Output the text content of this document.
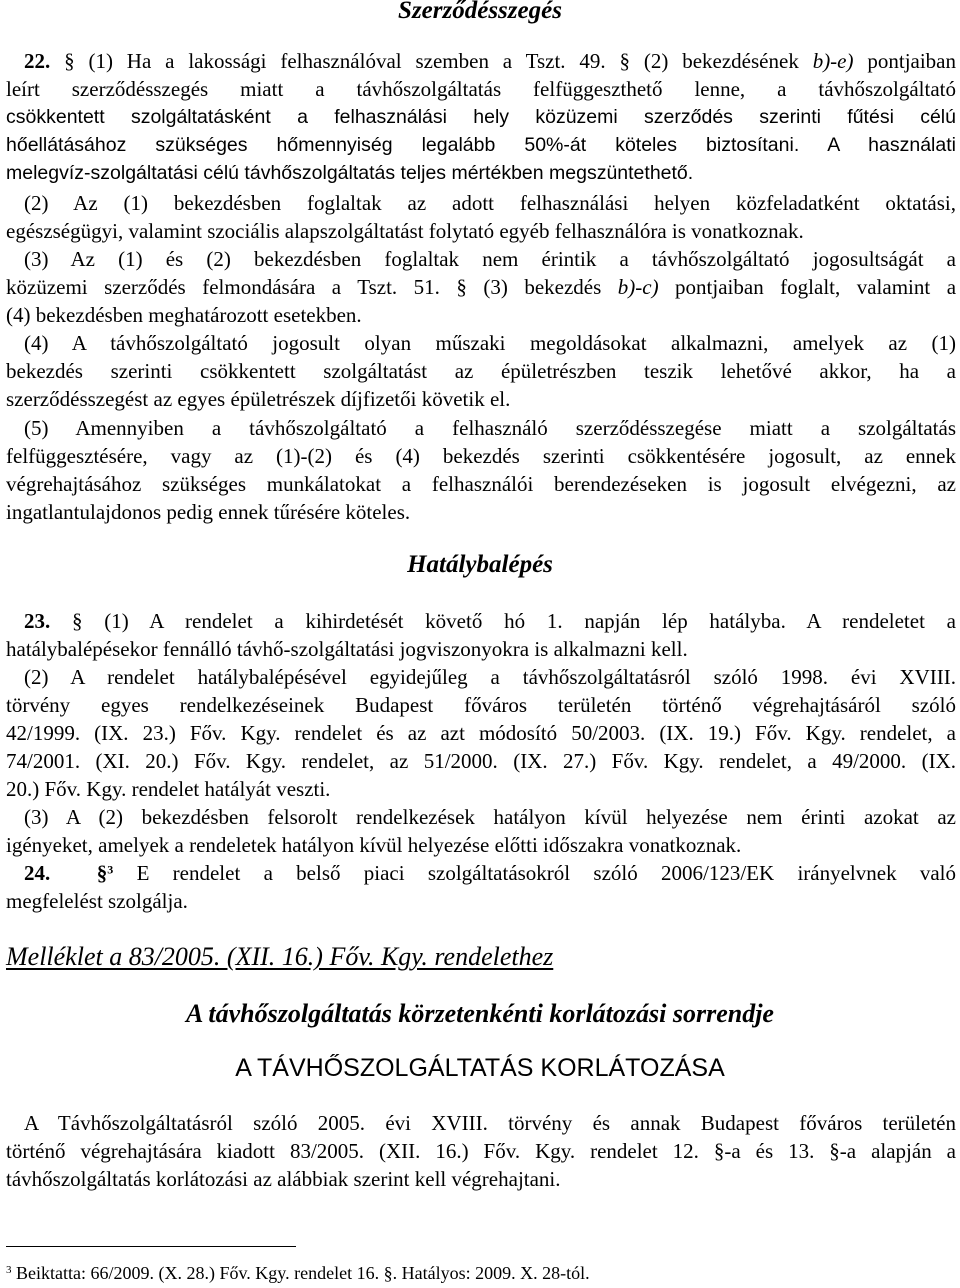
Szerződésszegés
22. § (1) Ha a lakossági felhasználóval szemben a Tszt. 49. § (2) bekezdésének b)-e) pontjaiban
leírt szerződésszegés miatt a távhőszolgáltatás felfüggeszthető lenne, a távhőszolgáltató
csökkentett szolgáltatásként a felhasználási hely közüzemi szerződés szerinti fűtési célú
hőellátásához szükséges hőmennyiség legalább 50%-át köteles biztosítani. A használati
melegvíz-szolgáltatási célú távhőszolgáltatás teljes mértékben megszüntethető.
(2) Az (1) bekezdésben foglaltak az adott felhasználási helyen közfeladatként oktatási,
egészségügyi, valamint szociális alapszolgáltatást folytató egyéb felhasználóra is vonatkoznak.
(3) Az (1) és (2) bekezdésben foglaltak nem érintik a távhőszolgáltató jogosultságát a
közüzemi szerződés felmondására a Tszt. 51. § (3) bekezdés b)-c) pontjaiban foglalt, valamint a
(4) bekezdésben meghatározott esetekben.
(4) A távhőszolgáltató jogosult olyan műszaki megoldásokat alkalmazni, amelyek az (1)
bekezdés szerinti csökkentett szolgáltatást az épületrészben teszik lehetővé akkor, ha a
szerződésszegést az egyes épületrészek díjfizetői követik el.
(5) Amennyiben a távhőszolgáltató a felhasználó szerződésszegése miatt a szolgáltatás
felfüggesztésére, vagy az (1)-(2) és (4) bekezdés szerinti csökkentésére jogosult, az ennek
végrehajtásához szükséges munkálatokat a felhasználói berendezéseken is jogosult elvégezni, az
ingatlantulajdonos pedig ennek tűrésére köteles.
Hatálybalépés
23. § (1) A rendelet a kihirdetését követő hó 1. napján lép hatályba. A rendeletet a
hatálybalépésekor fennálló távhő-szolgáltatási jogviszonyokra is alkalmazni kell.
(2) A rendelet hatálybalépésével egyidejűleg a távhőszolgáltatásról szóló 1998. évi XVIII.
törvény egyes rendelkezéseinek Budapest főváros területén történő végrehajtásáról szóló
42/1999. (IX. 23.) Főv. Kgy. rendelet és az azt módosító 50/2003. (IX. 19.) Főv. Kgy. rendelet, a
74/2001. (XI. 20.) Főv. Kgy. rendelet, az 51/2000. (IX. 27.) Főv. Kgy. rendelet, a 49/2000. (IX.
20.) Főv. Kgy. rendelet hatályát veszti.
(3) A (2) bekezdésben felsorolt rendelkezések hatályon kívül helyezése nem érinti azokat az
igényeket, amelyek a rendeletek hatályon kívül helyezése előtti időszakra vonatkoznak.
24. §$^3$ E rendelet a belső piaci szolgáltatásokról szóló 2006/123/EK irányelvnek való
megfelelést szolgálja.
Melléklet a 83/2005. (XII. 16.) Főv. Kgy. rendelethez
A távhőszolgáltatás körzetenkénti korlátozási sorrendje
A TÁVHŐSZOLGÁLTATÁS KORLÁTOZÁSA
A Távhőszolgáltatásról szóló 2005. évi XVIII. törvény és annak Budapest főváros területén
történő végrehajtására kiadott 83/2005. (XII. 16.) Főv. Kgy. rendelet 12. §-a és 13. §-a alapján a
távhőszolgáltatás korlátozási az alábbiak szerint kell végrehajtani.
$^3$ Beiktatta: 66/2009. (X. 28.) Főv. Kgy. rendelet 16. §. Hatályos: 2009. X. 28-tól.
